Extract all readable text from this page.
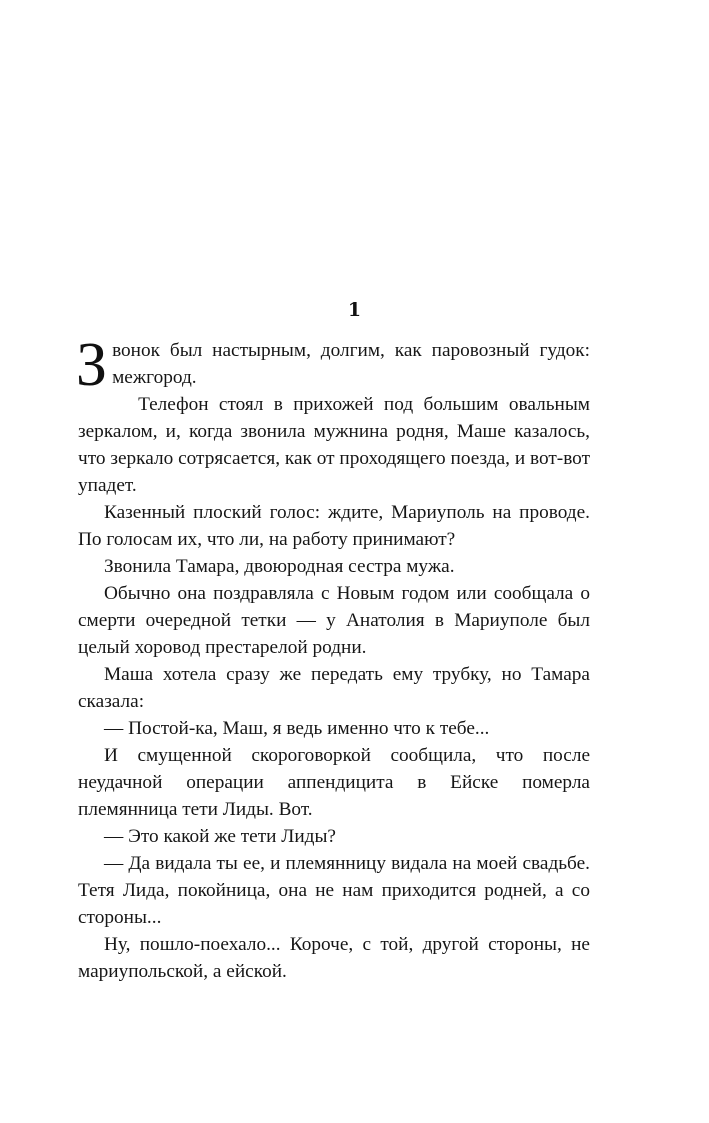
1

Звонок был настырным, долгим, как паровозный гудок: межгород.

Телефон стоял в прихожей под большим овальным зеркалом, и, когда звонила мужнина родня, Маше казалось, что зеркало сотрясается, как от проходящего поезда, и вот-вот упадет.

Казенный плоский голос: ждите, Мариуполь на проводе. По голосам их, что ли, на работу принимают?

Звонила Тамара, двоюродная сестра мужа.

Обычно она поздравляла с Новым годом или сообщала о смерти очередной тетки — у Анатолия в Мариуполе был целый хоровод престарелой родни.

Маша хотела сразу же передать ему трубку, но Тамара сказала:

— Постой-ка, Маш, я ведь именно что к тебе...

И смущенной скороговоркой сообщила, что после неудачной операции аппендицита в Ейске померла племянница тети Лиды. Вот.

— Это какой же тети Лиды?

— Да видала ты ее, и племянницу видала на моей свадьбе. Тетя Лида, покойница, она не нам приходится родней, а со стороны...

Ну, пошло-поехало... Короче, с той, другой стороны, не мариупольской, а ейской.
